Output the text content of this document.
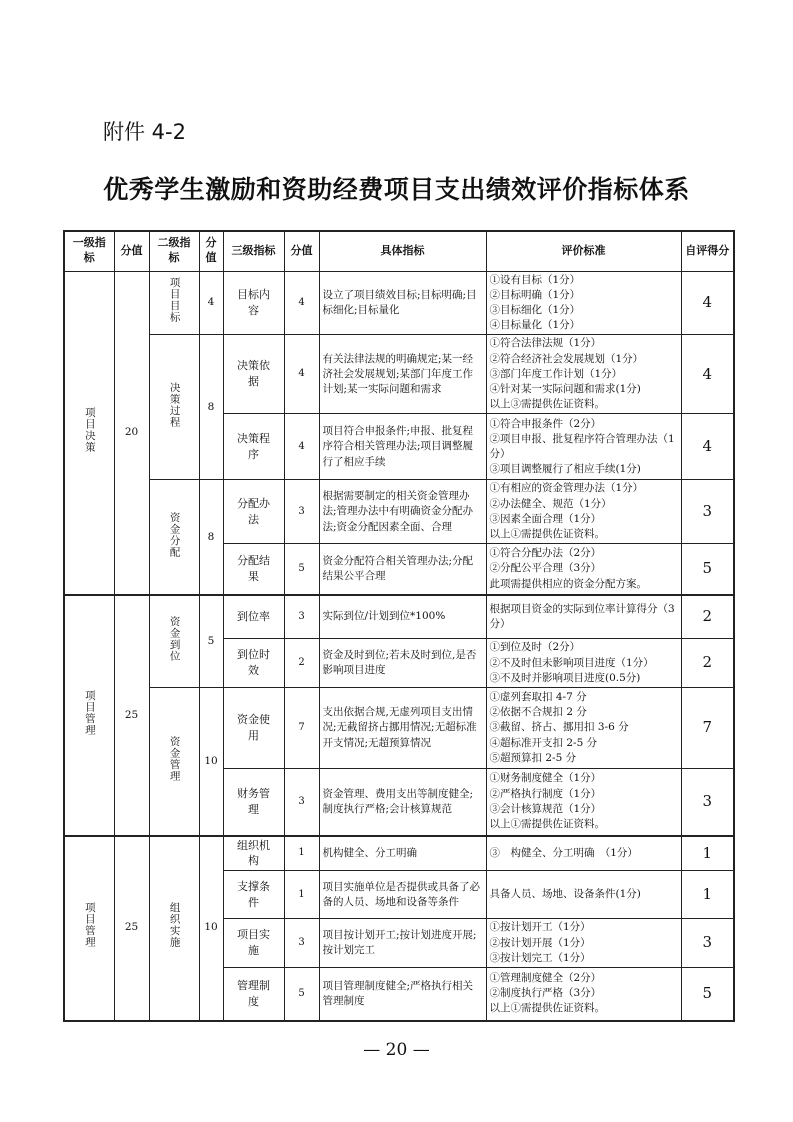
附件 4-2
优秀学生激励和资助经费项目支出绩效评价指标体系
一级指标	分值	二级指标	分值	三级指标	分值	具体指标	评价标准	自评得分
项目决策	20	项目目标	4	目标内容	4	设立了项目绩效目标;目标明确;目标细化;目标量化	①设有目标（1分）
②目标明确（1分）
③目标细化（1分）
④目标量化（1分）	4
		决策过程	8	决策依据	4	有关法律法规的明确规定;某一经济社会发展规划;某部门年度工作计划;某一实际问题和需求	①符合法律法规（1分）
②符合经济社会发展规划（1分）
③部门年度工作计划（1分）
④针对某一实际问题和需求(1分)
以上③需提供佐证资料。	4
				决策程序	4	项目符合申报条件;申报、批复程序符合相关管理办法;项目调整履行了相应手续	①符合申报条件（2分）
②项目申报、批复程序符合管理办法（1分）
③项目调整履行了相应手续(1分)	4
		资金分配	8	分配办法	3	根据需要制定的相关资金管理办法;管理办法中有明确资金分配办法;资金分配因素全面、合理	①有相应的资金管理办法（1分）
②办法健全、规范（1分）
③因素全面合理（1分）
以上①需提供佐证资料。	3
				分配结果	5	资金分配符合相关管理办法;分配结果公平合理	①符合分配办法（2分）
②分配公平合理（3分）
此项需提供相应的资金分配方案。	5
项目管理	25	资金到位	5	到位率	3	实际到位/计划到位*100%	根据项目资金的实际到位率计算得分（3分）	2
				到位时效	2	资金及时到位;若未及时到位,是否影响项目进度	①到位及时（2分）
②不及时但未影响项目进度（1分）
③不及时并影响项目进度(0.5分)	2
		资金管理	10	资金使用	7	支出依据合规,无虚列项目支出情况;无截留挤占挪用情况;无超标准开支情况;无超预算情况	①虚列套取扣 4-7 分
②依据不合规扣 2 分
③截留、挤占、挪用扣 3-6 分
④超标准开支扣 2-5 分
⑤超预算扣 2-5 分	7
				财务管理	3	资金管理、费用支出等制度健全;制度执行严格;会计核算规范	①财务制度健全（1分）
②严格执行制度（1分）
③会计核算规范（1分）
以上①需提供佐证资料。	3
项目管理	25	组织实施	10	组织机构	1	机构健全、分工明确	③　构健全、分工明确　（1分）	1
				支撑条件	1	项目实施单位是否提供或具备了必备的人员、场地和设备等条件	具备人员、场地、设备条件(1分)	1
				项目实施	3	项目按计划开工;按计划进度开展;按计划完工	①按计划开工（1分）
②按计划开展（1分）
③按计划完工（1分）	3
				管理制度	5	项目管理制度健全;严格执行相关管理制度	①管理制度健全（2分）
②制度执行严格（3分）
以上①需提供佐证资料。	5
— 20 —
